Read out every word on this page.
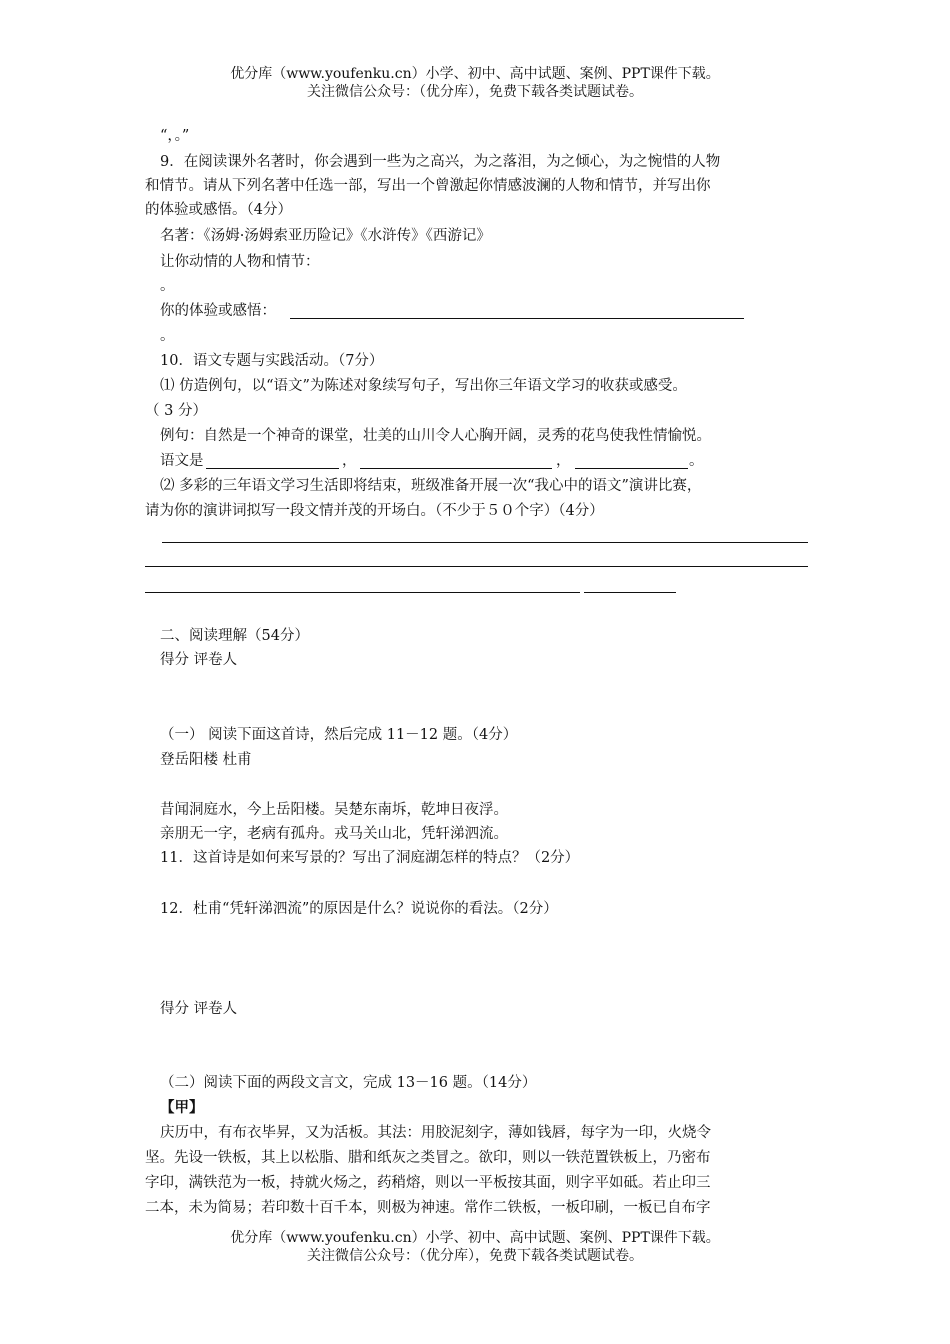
优分库（www.youfenku.cn）小学、初中、高中试题、案例、PPT课件下载。
关注微信公众号：（优分库），免费下载各类试题试卷。
“，。”
9．在阅读课外名著时，你会遇到一些为之高兴，为之落泪，为之倾心，为之惋惜的人物
和情节。请从下列名著中任选一部，写出一个曾激起你情感波澜的人物和情节，并写出你
的体验或感悟。（4分）
名著：《汤姆·汤姆索亚历险记》《水浒传》《西游记》
让你动情的人物和情节：
。
你的体验或感悟：
。
10．语文专题与实践活动。（7分）
⑴ 仿造例句，以“语文”为陈述对象续写句子，写出你三年语文学习的收获或感受。
（ 3 分）
例句：自然是一个神奇的课堂，壮美的山川令人心胸开阔，灵秀的花鸟使我性情愉悦。
语文是	，	，	。
⑵ 多彩的三年语文学习生活即将结束，班级准备开展一次“我心中的语文”演讲比赛，
请为你的演讲词拟写一段文情并茂的开场白。（不少于５０个字）（4分）
二、阅读理解（54分）
得分 评卷人
（一） 阅读下面这首诗，然后完成 11－12 题。（4分）
登岳阳楼 杜甫
昔闻洞庭水，今上岳阳楼。吴楚东南坼，乾坤日夜浮。
亲朋无一字，老病有孤舟。戎马关山北，凭轩涕泗流。
11．这首诗是如何来写景的？写出了洞庭湖怎样的特点？（2分）
12．杜甫“凭轩涕泗流”的原因是什么？说说你的看法。（2分）
得分 评卷人
（二）阅读下面的两段文言文，完成 13－16 题。（14分）
【甲】
庆历中，有布衣毕昇，又为活板。其法：用胶泥刻字，薄如钱唇，每字为一印，火烧令
坚。先设一铁板，其上以松脂、腊和纸灰之类冒之。欲印，则以一铁范置铁板上，乃密布
字印，满铁范为一板，持就火炀之，药稍熔，则以一平板按其面，则字平如砥。若止印三
二本，未为简易；若印数十百千本，则极为神速。常作二铁板，一板印刷，一板已自布字
优分库（www.youfenku.cn）小学、初中、高中试题、案例、PPT课件下载。
关注微信公众号：（优分库），免费下载各类试题试卷。
